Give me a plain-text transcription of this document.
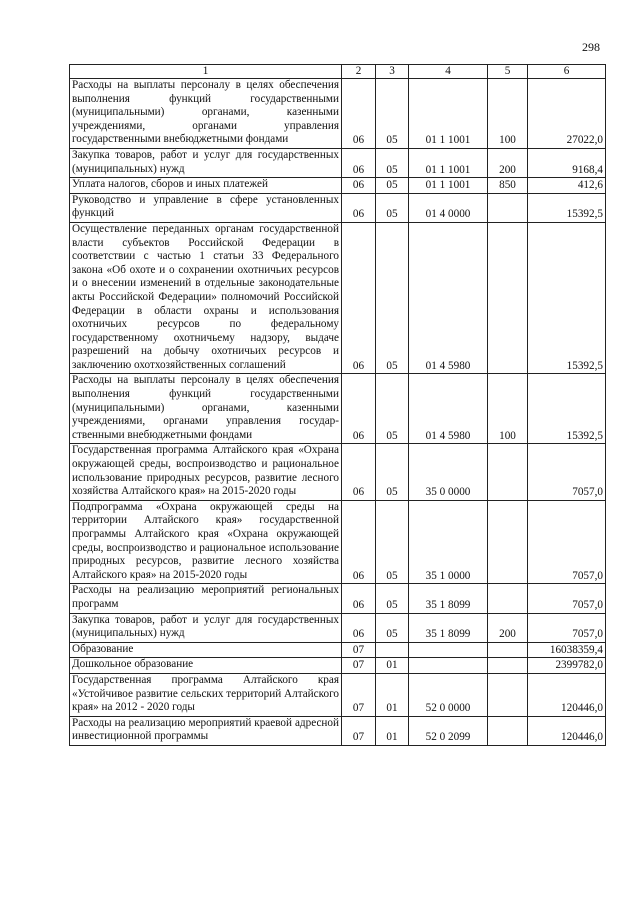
298
1	2	3	4	5	6
Расходы на выплаты персоналу в целях обеспечения выполнения функций государственными (муниципальными) органами, казенными учреждениями, органами управления государственными внебюджетными фондами	06	05	01 1 1001	100	27022,0
Закупка товаров, работ и услуг для государственных (муниципальных) нужд	06	05	01 1 1001	200	9168,4
Уплата налогов, сборов и иных платежей	06	05	01 1 1001	850	412,6
Руководство и управление в сфере установленных функций	06	05	01 4 0000		15392,5
Осуществление переданных органам государственной власти субъектов Российской Федерации в соответствии с частью 1 статьи 33 Федерального закона «Об охоте и о сохранении охотничьих ресурсов и о внесении изменений в отдельные законодательные акты Российской Федерации» полномочий Российской Федерации в области охраны и использования охотничьих ресурсов по федеральному государственному охотничьему надзору, выдаче разрешений на добычу охотничьих ресурсов и заключению охотхозяйственных соглашений	06	05	01 4 5980		15392,5
Расходы на выплаты персоналу в целях обеспечения выполнения функций государственными (муниципальными) органами, казенными учреждениями, органами управления государственными внебюджетными фондами	06	05	01 4 5980	100	15392,5
Государственная программа Алтайского края «Охрана окружающей среды, воспроизводство и рациональное использование природных ресурсов, развитие лесного хозяйства Алтайского края» на 2015-2020 годы	06	05	35 0 0000		7057,0
Подпрограмма «Охрана окружающей среды на территории Алтайского края» государственной программы Алтайского края «Охрана окружающей среды, воспроизводство и рациональное использование природных ресурсов, развитие лесного хозяйства Алтайского края» на 2015-2020 годы	06	05	35 1 0000		7057,0
Расходы на реализацию мероприятий региональных программ	06	05	35 1 8099		7057,0
Закупка товаров, работ и услуг для государственных (муниципальных) нужд	06	05	35 1 8099	200	7057,0
Образование	07				16038359,4
Дошкольное образование	07	01			2399782,0
Государственная программа Алтайского края «Устойчивое развитие сельских территорий Алтайского края» на 2012 - 2020 годы	07	01	52 0 0000		120446,0
Расходы на реализацию мероприятий краевой адресной инвестиционной программы	07	01	52 0 2099		120446,0
